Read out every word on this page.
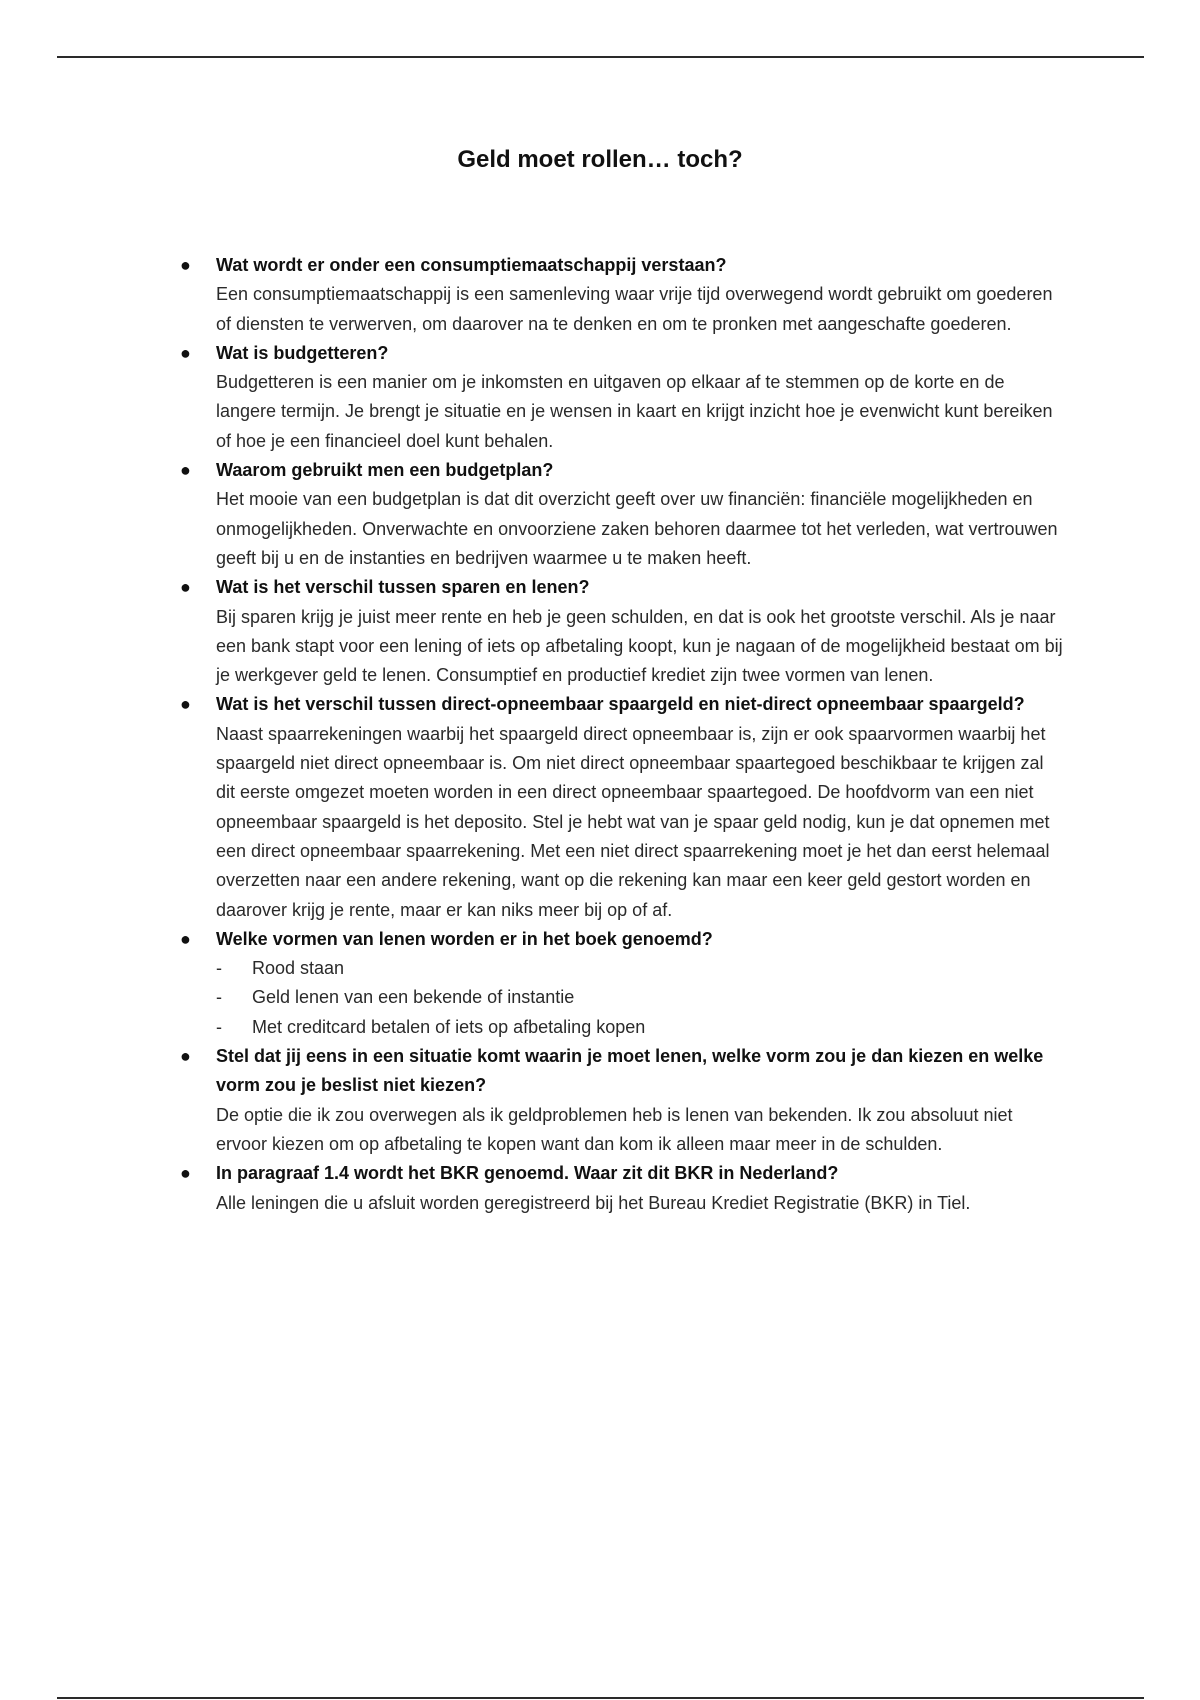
Geld moet rollen… toch?
● Wat wordt er onder een consumptiemaatschappij verstaan?

Een consumptiemaatschappij is een samenleving waar vrije tijd overwegend wordt gebruikt om goederen of diensten te verwerven, om daarover na te denken en om te pronken met aangeschafte goederen.

● Wat is budgetteren?

Budgetteren is een manier om je inkomsten en uitgaven op elkaar af te stemmen op de korte en de langere termijn. Je brengt je situatie en je wensen in kaart en krijgt inzicht hoe je evenwicht kunt bereiken of hoe je een financieel doel kunt behalen.

● Waarom gebruikt men een budgetplan?

Het mooie van een budgetplan is dat dit overzicht geeft over uw financiën: financiële mogelijkheden en onmogelijkheden. Onverwachte en onvoorziene zaken behoren daarmee tot het verleden, wat vertrouwen geeft bij u en de instanties en bedrijven waarmee u te maken heeft.

● Wat is het verschil tussen sparen en lenen?

Bij sparen krijg je juist meer rente en heb je geen schulden, en dat is ook het grootste verschil. Als je naar een bank stapt voor een lening of iets op afbetaling koopt, kun je nagaan of de mogelijkheid bestaat om bij je werkgever geld te lenen. Consumptief en productief krediet zijn twee vormen van lenen.

● Wat is het verschil tussen direct-opneembaar spaargeld en niet-direct opneembaar spaargeld?

Naast spaarrekeningen waarbij het spaargeld direct opneembaar is, zijn er ook spaarvormen waarbij het spaargeld niet direct opneembaar is. Om niet direct opneembaar spaartegoed beschikbaar te krijgen zal dit eerste omgezet moeten worden in een direct opneembaar spaartegoed. De hoofdvorm van een niet opneembaar spaargeld is het deposito. Stel je hebt wat van je spaar geld nodig, kun je dat opnemen met een direct opneembaar spaarrekening. Met een niet direct spaarrekening moet je het dan eerst helemaal overzetten naar een andere rekening, want op die rekening kan maar een keer geld gestort worden en daarover krijg je rente, maar er kan niks meer bij op of af.

● Welke vormen van lenen worden er in het boek genoemd?

- Rood staan
- Geld lenen van een bekende of instantie
- Met creditcard betalen of iets op afbetaling kopen
● Stel dat jij eens in een situatie komt waarin je moet lenen, welke vorm zou je dan kiezen en welke vorm zou je beslist niet kiezen?

De optie die ik zou overwegen als ik geldproblemen heb is lenen van bekenden. Ik zou absoluut niet ervoor kiezen om op afbetaling te kopen want dan kom ik alleen maar meer in de schulden.

● In paragraaf 1.4 wordt het BKR genoemd. Waar zit dit BKR in Nederland?

Alle leningen die u afsluit worden geregistreerd bij het Bureau Krediet Registratie (BKR) in Tiel.
